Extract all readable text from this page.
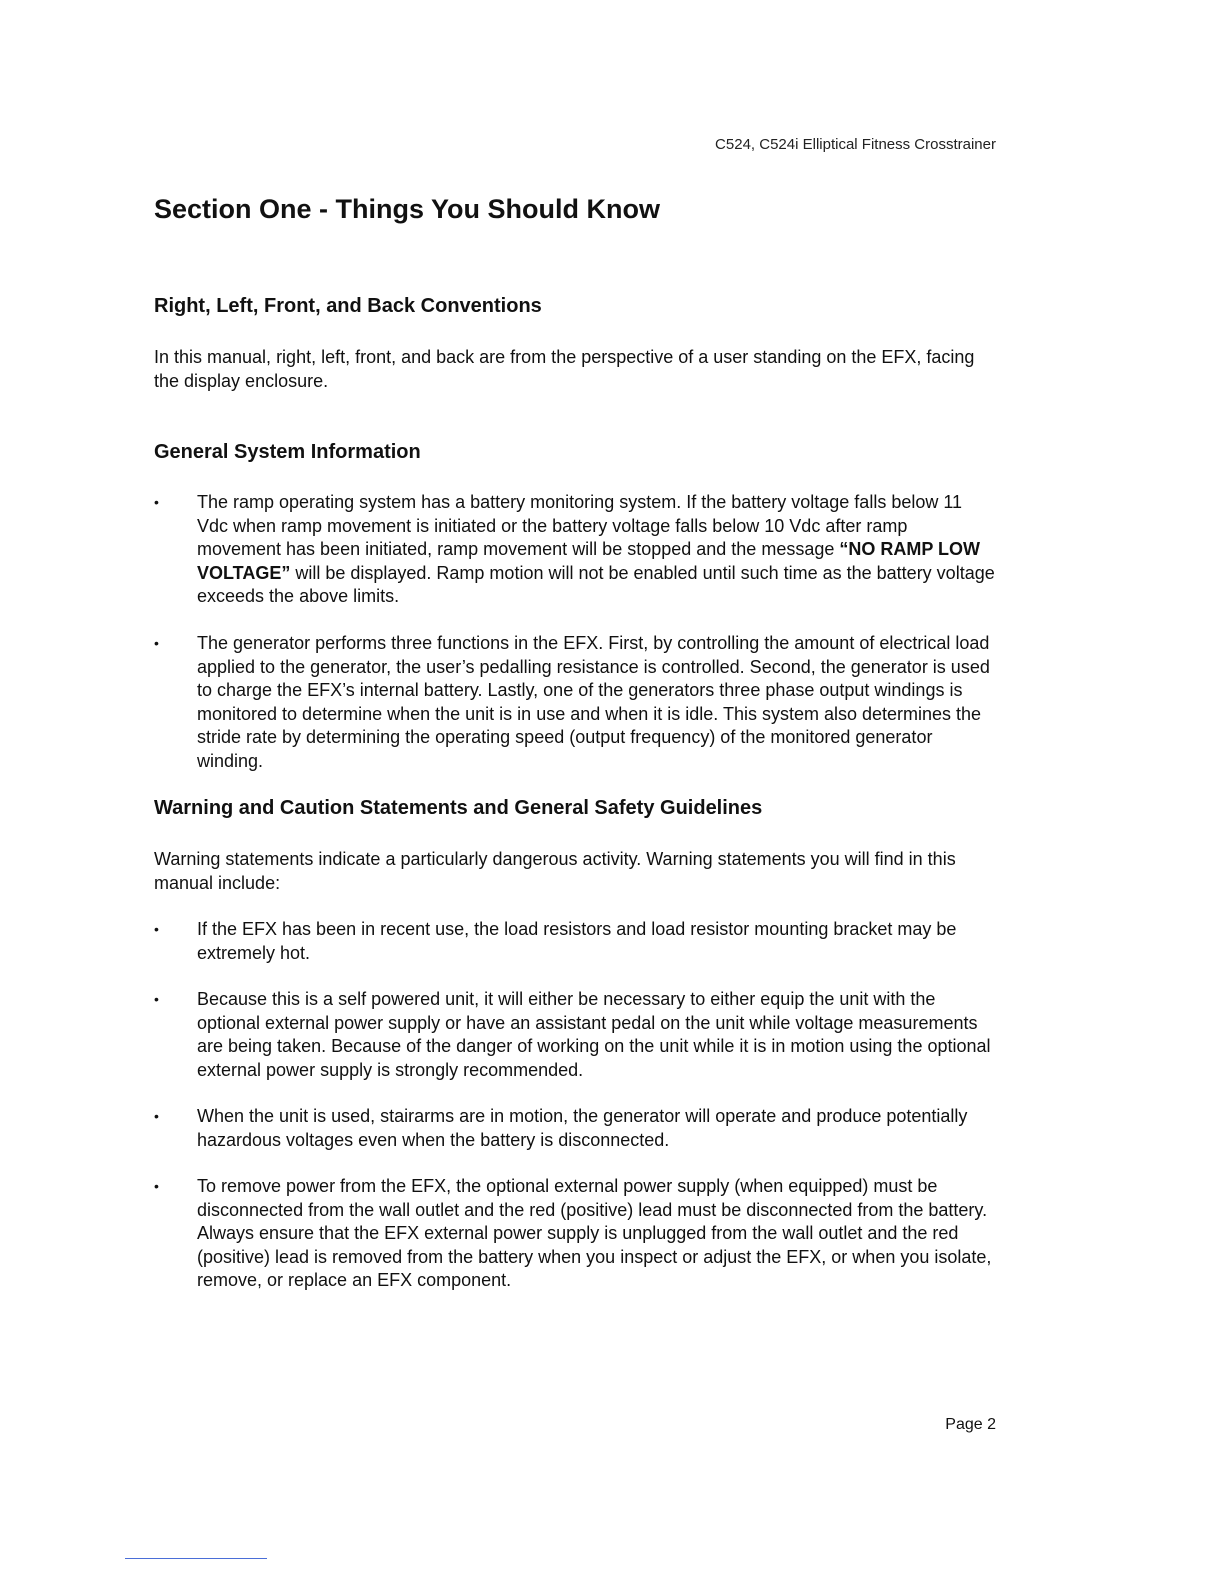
C524, C524i Elliptical Fitness Crosstrainer
Section One - Things You Should Know
Right, Left, Front, and Back Conventions

In this manual, right, left, front, and back are from the perspective of a user standing on the EFX, facing the display enclosure.

General System Information
• The ramp operating system has a battery monitoring system. If the battery voltage falls below 11 Vdc when ramp movement is initiated or the battery voltage falls below 10 Vdc after ramp movement has been initiated, ramp movement will be stopped and the message “NO RAMP LOW VOLTAGE” will be displayed. Ramp motion will not be enabled until such time as the battery voltage exceeds the above limits.
• The generator performs three functions in the EFX. First, by controlling the amount of electrical load applied to the generator, the user’s pedalling resistance is controlled. Second, the generator is used to charge the EFX’s internal battery. Lastly, one of the generators three phase output windings is monitored to determine when the unit is in use and when it is idle. This system also determines the stride rate by determining the operating speed (output frequency) of the monitored generator winding.
Warning and Caution Statements and General Safety Guidelines

Warning statements indicate a particularly dangerous activity. Warning statements you will find in this manual include:

• If the EFX has been in recent use, the load resistors and load resistor mounting bracket may be extremely hot.
• Because this is a self powered unit, it will either be necessary to either equip the unit with the optional external power supply or have an assistant pedal on the unit while voltage measurements are being taken. Because of the danger of working on the unit while it is in motion using the optional external power supply is strongly recommended.
• When the unit is used, stairarms are in motion, the generator will operate and produce potentially hazardous voltages even when the battery is disconnected.
• To remove power from the EFX, the optional external power supply (when equipped) must be disconnected from the wall outlet and the red (positive) lead must be disconnected from the battery. Always ensure that the EFX external power supply is unplugged from the wall outlet and the red (positive) lead is removed from the battery when you inspect or adjust the EFX, or when you isolate, remove, or replace an EFX component.
Page 2
